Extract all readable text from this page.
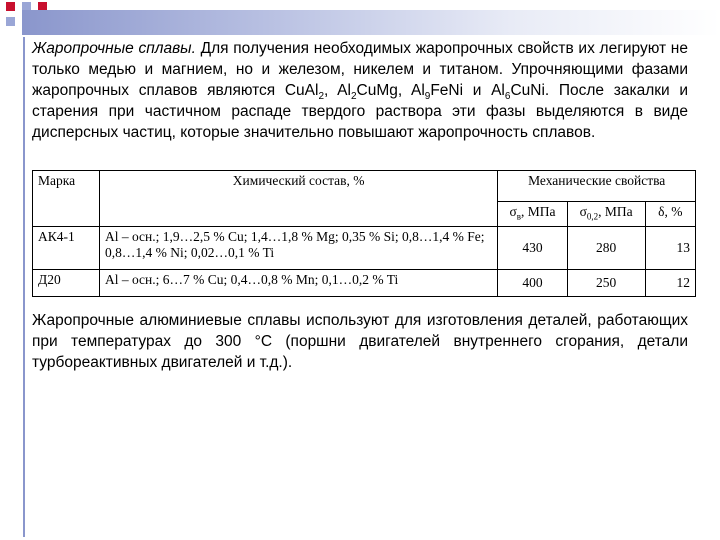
Жаропрочные сплавы. Для получения необходимых жаропрочных свойств их легируют не только медью и магнием, но и железом, никелем и титаном. Упрочняющими фазами жаропрочных сплавов являются CuAl$_2$, $Al_2CuMg$, $Al_9FeNi$ и $Al_6CuNi$. После закалки и старения при частичном распаде твердого раствора эти фазы выделяются в виде дисперсных частиц, которые значительно повышают жаропрочность сплавов.
Марка	Химический состав, %	Механические свойства		
		$\sigma_в$, МПа	$\sigma_{0,2}$, МПа	δ, %
АК4-1	Al – осн.; 1,9…2,5 % Cu; 1,4…1,8 % Mg; 0,35 % Si; 0,8…1,4 % Fe; 0,8…1,4 % Ni; 0,02…0,1 % Ti	430	280	13
Д20	Al – осн.; 6…7 % Cu; 0,4…0,8 % Mn; 0,1…0,2 % Ti	400	250	12
Жаропрочные алюминиевые сплавы используют для изготовления деталей, работающих при температурах до 300 °С (поршни двигателей внутреннего сгорания, детали турбореактивных двигателей и т.д.).
